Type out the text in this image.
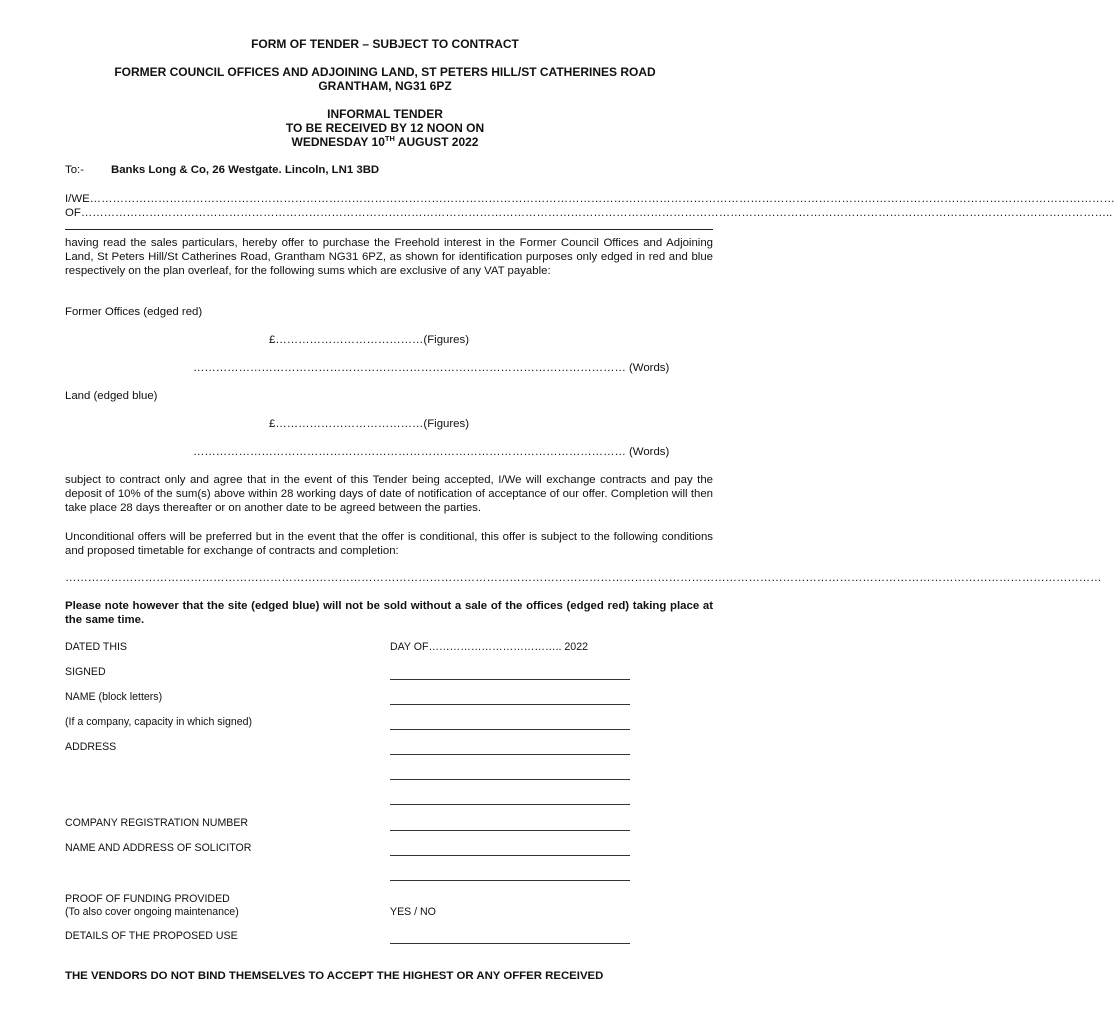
FORM OF TENDER – SUBJECT TO CONTRACT
FORMER COUNCIL OFFICES AND ADJOINING LAND, ST PETERS HILL/ST CATHERINES ROAD
GRANTHAM, NG31 6PZ
INFORMAL TENDER
TO BE RECEIVED BY 12 NOON ON
WEDNESDAY 10TH AUGUST 2022
To:- Banks Long & Co, 26 Westgate. Lincoln, LN1 3BD
I/WE………………………………………………………………………………………………………………………………………………………………………………………………………………………………………………
OF………………………………………………………………………………………………………………………………………………………………………………………………………………………………………………..
having read the sales particulars, hereby offer to purchase the Freehold interest in the Former Council Offices and Adjoining Land, St Peters Hill/St Catherines Road, Grantham NG31 6PZ, as shown for identification purposes only edged in red and blue respectively on the plan overleaf, for the following sums which are exclusive of any VAT payable:
Former Offices (edged red)
£…………………………………(Figures)
…………………………………………………………………………………………………… (Words)
Land (edged blue)
£…………………………………(Figures)
…………………………………………………………………………………………………… (Words)
subject to contract only and agree that in the event of this Tender being accepted, I/We will exchange contracts and pay the deposit of 10% of the sum(s) above within 28 working days of date of notification of acceptance of our offer. Completion will then take place 28 days thereafter or on another date to be agreed between the parties.
Unconditional offers will be preferred but in the event that the offer is conditional, this offer is subject to the following conditions and proposed timetable for exchange of contracts and completion:
…………………………………………………………………………………………………………………………………………………………………………………………………………………………………………………
Please note however that the site (edged blue) will not be sold without a sale of the offices (edged red) taking place at the same time.
DATED THIS	DAY OF……………………………….. 2022
SIGNED
NAME (block letters)
(If a company, capacity in which signed)
ADDRESS
COMPANY REGISTRATION NUMBER
NAME AND ADDRESS OF SOLICITOR
PROOF OF FUNDING PROVIDED
(To also cover ongoing maintenance)	YES / NO
DETAILS OF THE PROPOSED USE
THE VENDORS DO NOT BIND THEMSELVES TO ACCEPT THE HIGHEST OR ANY OFFER RECEIVED
